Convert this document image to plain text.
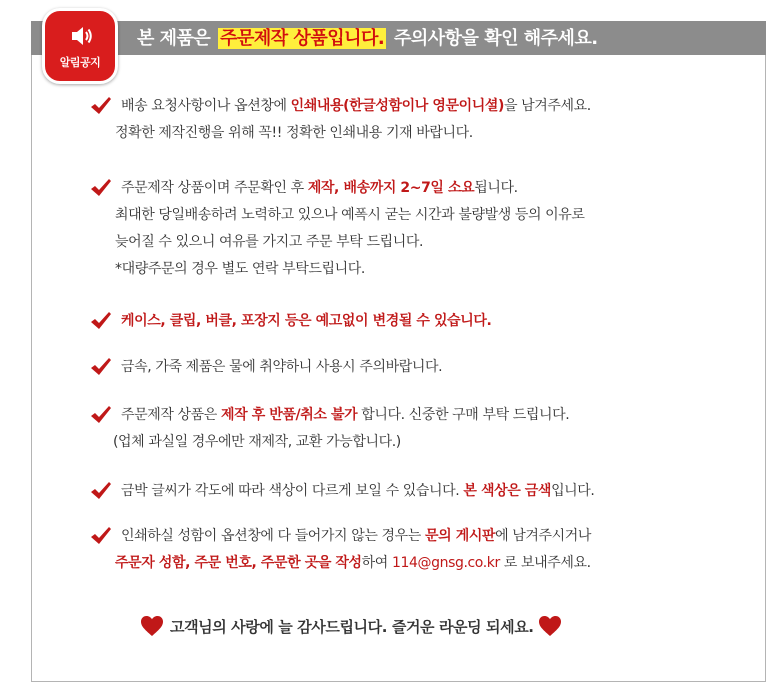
본 제품은 주문제작 상품입니다. 주의사항을 확인 해주세요.
알림공지
배송 요청사항이나 옵션창에 인쇄내용(한글성함이나 영문이니셜)을 남겨주세요.
정확한 제작진행을 위해 꼭!! 정확한 인쇄내용 기재 바랍니다.
주문제작 상품이며 주문확인 후 제작, 배송까지 2~7일 소요됩니다.
최대한 당일배송하려 노력하고 있으나 예폭시 굳는 시간과 불량발생 등의 이유로
늦어질 수 있으니 여유를 가지고 주문 부탁 드립니다.
*대량주문의 경우 별도 연락 부탁드립니다.
케이스, 클립, 버클, 포장지 등은 예고없이 변경될 수 있습니다.
금속, 가죽 제품은 물에 취약하니 사용시 주의바랍니다.
주문제작 상품은 제작 후 반품/취소 불가 합니다. 신중한 구매 부탁 드립니다.
(업체 과실일 경우에만 재제작, 교환 가능합니다.)
금박 글씨가 각도에 따라 색상이 다르게 보일 수 있습니다. 본 색상은 금색입니다.
인쇄하실 성함이 옵션창에 다 들어가지 않는 경우는 문의 게시판에 남겨주시거나
주문자 성함, 주문 번호, 주문한 곳을 작성하여 114@gnsg.co.kr 로 보내주세요.
고객님의 사랑에 늘 감사드립니다. 즐거운 라운딩 되세요.
